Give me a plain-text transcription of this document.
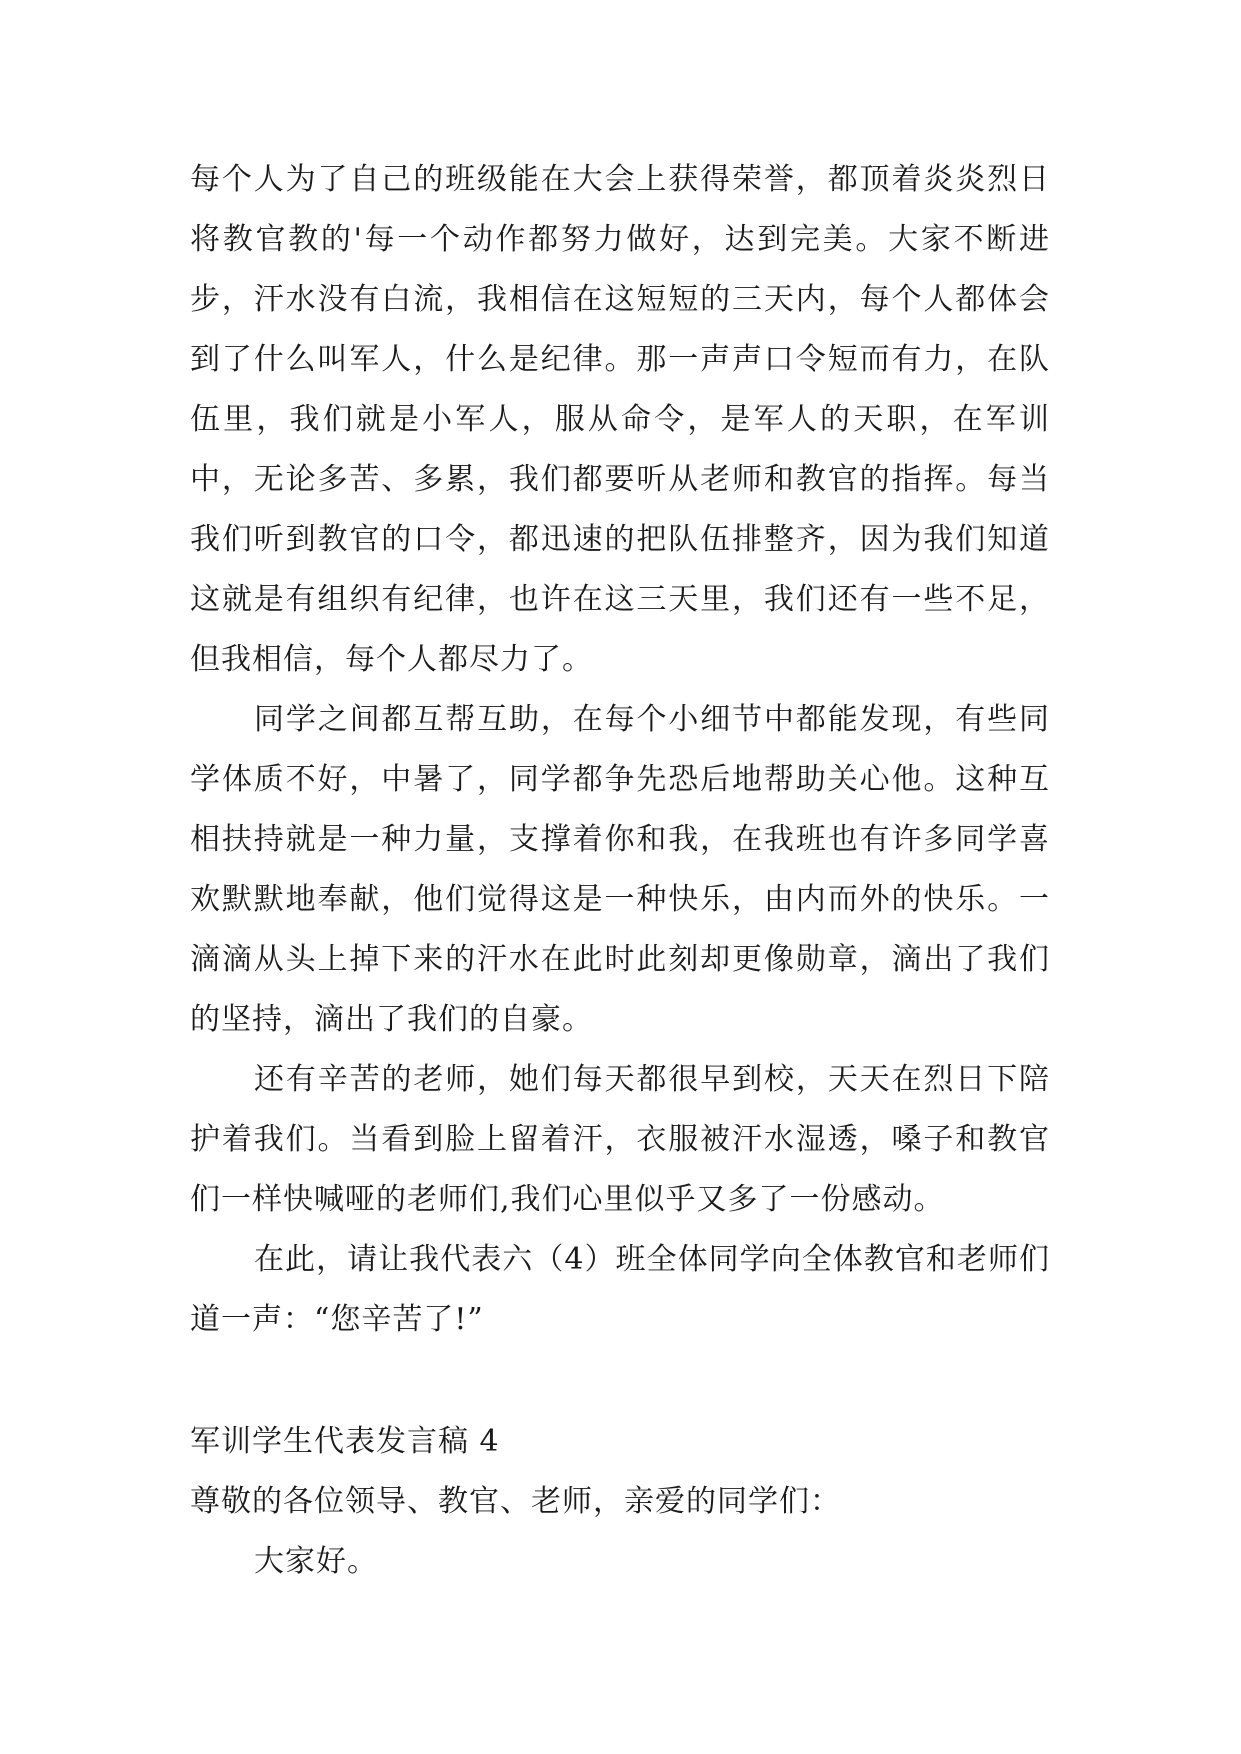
每个人为了自己的班级能在大会上获得荣誉，都顶着炎炎烈日将教官教的'每一个动作都努力做好，达到完美。大家不断进步，汗水没有白流，我相信在这短短的三天内，每个人都体会到了什么叫军人，什么是纪律。那一声声口令短而有力，在队伍里，我们就是小军人，服从命令，是军人的天职，在军训中，无论多苦、多累，我们都要听从老师和教官的指挥。每当我们听到教官的口令，都迅速的把队伍排整齐，因为我们知道这就是有组织有纪律，也许在这三天里，我们还有一些不足，但我相信，每个人都尽力了。

同学之间都互帮互助，在每个小细节中都能发现，有些同学体质不好，中暑了，同学都争先恐后地帮助关心他。这种互相扶持就是一种力量，支撑着你和我，在我班也有许多同学喜欢默默地奉献，他们觉得这是一种快乐，由内而外的快乐。一滴滴从头上掉下来的汗水在此时此刻却更像勋章，滴出了我们的坚持，滴出了我们的自豪。

还有辛苦的老师，她们每天都很早到校，天天在烈日下陪护着我们。当看到脸上留着汗，衣服被汗水湿透，嗓子和教官们一样快喊哑的老师们,我们心里似乎又多了一份感动。

在此，请让我代表六（4）班全体同学向全体教官和老师们道一声：“您辛苦了!”

军训学生代表发言稿 4

尊敬的各位领导、教官、老师，亲爱的同学们：

大家好。
